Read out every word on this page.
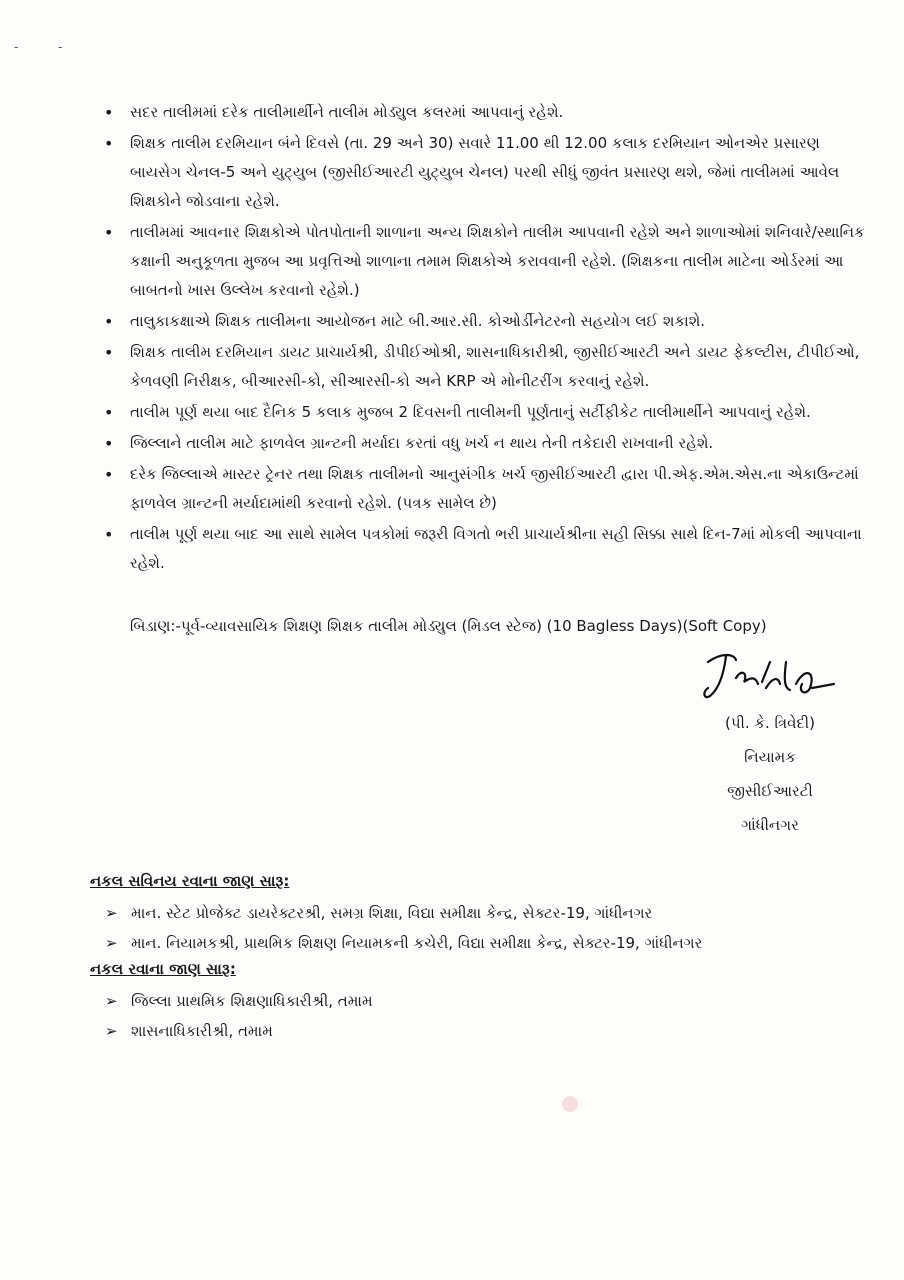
- -
• સદર તાલીમમાં દરેક તાલીમાર્થીને તાલીમ મોડ્યુલ કલરમાં આપવાનું રહેશે.
• શિક્ષક તાલીમ દરમિયાન બંને દિવસે (તા. 29 અને 30) સવારે 11.00 થી 12.00 કલાક દરમિયાન ઓનએર પ્રસારણ બાયસેગ ચેનલ-5 અને યુટ્યુબ (જીસીઈઆરટી યુટ્યુબ ચેનલ) પરથી સીધું જીવંત પ્રસારણ થશે, જેમાં તાલીમમાં આવેલ શિક્ષકોને જોડવાના રહેશે.
• તાલીમમાં આવનાર શિક્ષકોએ પોતપોતાની શાળાના અન્ય શિક્ષકોને તાલીમ આપવાની રહેશે અને શાળાઓમાં શનિવારે/સ્થાનિક કક્ષાની અનુકૂળતા મુજબ આ પ્રવૃત્તિઓ શાળાના તમામ શિક્ષકોએ કરાવવાની રહેશે. (શિક્ષકના તાલીમ માટેના ઓર્ડરમાં આ બાબતનો ખાસ ઉલ્લેખ કરવાનો રહેશે.)
• તાલુકાકક્ષાએ શિક્ષક તાલીમના આયોજન માટે બી.આર.સી. કોઓર્ડીનેટરનો સહયોગ લઈ શકાશે.
• શિક્ષક તાલીમ દરમિયાન ડાયટ પ્રાચાર્યશ્રી, ડીપીઈઓશ્રી, શાસનાધિકારીશ્રી, જીસીઈઆરટી અને ડાયટ ફેકલ્ટીસ, ટીપીઈઓ, કેળવણી નિરીક્ષક, બીઆરસી-કો, સીઆરસી-કો અને KRP એ મોનીટરીંગ કરવાનું રહેશે.
• તાલીમ પૂર્ણ થયા બાદ દૈનિક 5 કલાક મુજબ 2 દિવસની તાલીમની પૂર્ણતાનું સર્ટીફીકેટ તાલીમાર્થીને આપવાનું રહેશે.
• જિલ્લાને તાલીમ માટે ફાળવેલ ગ્રાન્ટની મર્યાદા કરતાં વધુ ખર્ચ ન થાય તેની તકેદારી રાખવાની રહેશે.
• દરેક જિલ્લાએ માસ્ટર ટ્રેનર તથા શિક્ષક તાલીમનો આનુસંગીક ખર્ચ જીસીઈઆરટી દ્વારા પી.એફ.એમ.એસ.ના એકાઉન્ટમાં ફાળવેલ ગ્રાન્ટની મર્યાદામાંથી કરવાનો રહેશે. (પત્રક સામેલ છે)
• તાલીમ પૂર્ણ થયા બાદ આ સાથે સામેલ પત્રકોમાં જરૂરી વિગતો ભરી પ્રાચાર્યશ્રીના સહી સિક્કા સાથે દિન-7માં મોકલી આપવાના રહેશે.
બિડાણ:-પૂર્વ-વ્યાવસાયિક શિક્ષણ શિક્ષક તાલીમ મોડ્યુલ (મિડલ સ્ટેજ) (10 Bagless Days)(Soft Copy)
(પી. કે. ત્રિવેદી)
નિયામક
જીસીઈઆરટી
ગાંધીનગર
નકલ સવિનય રવાના જાણ સારૂ:
➢ માન. સ્ટેટ પ્રોજેક્ટ ડાયરેક્ટરશ્રી, સમગ્ર શિક્ષા, વિદ્યા સમીક્ષા કેન્દ્ર, સેક્ટર-19, ગાંધીનગર
➢ માન. નિયામકશ્રી, પ્રાથમિક શિક્ષણ નિયામકની કચેરી, વિદ્યા સમીક્ષા કેન્દ્ર, સેક્ટર-19, ગાંધીનગર
નકલ રવાના જાણ સારૂ:
➢ જિલ્લા પ્રાથમિક શિક્ષણાધિકારીશ્રી, તમામ
➢ શાસનાધિકારીશ્રી, તમામ
